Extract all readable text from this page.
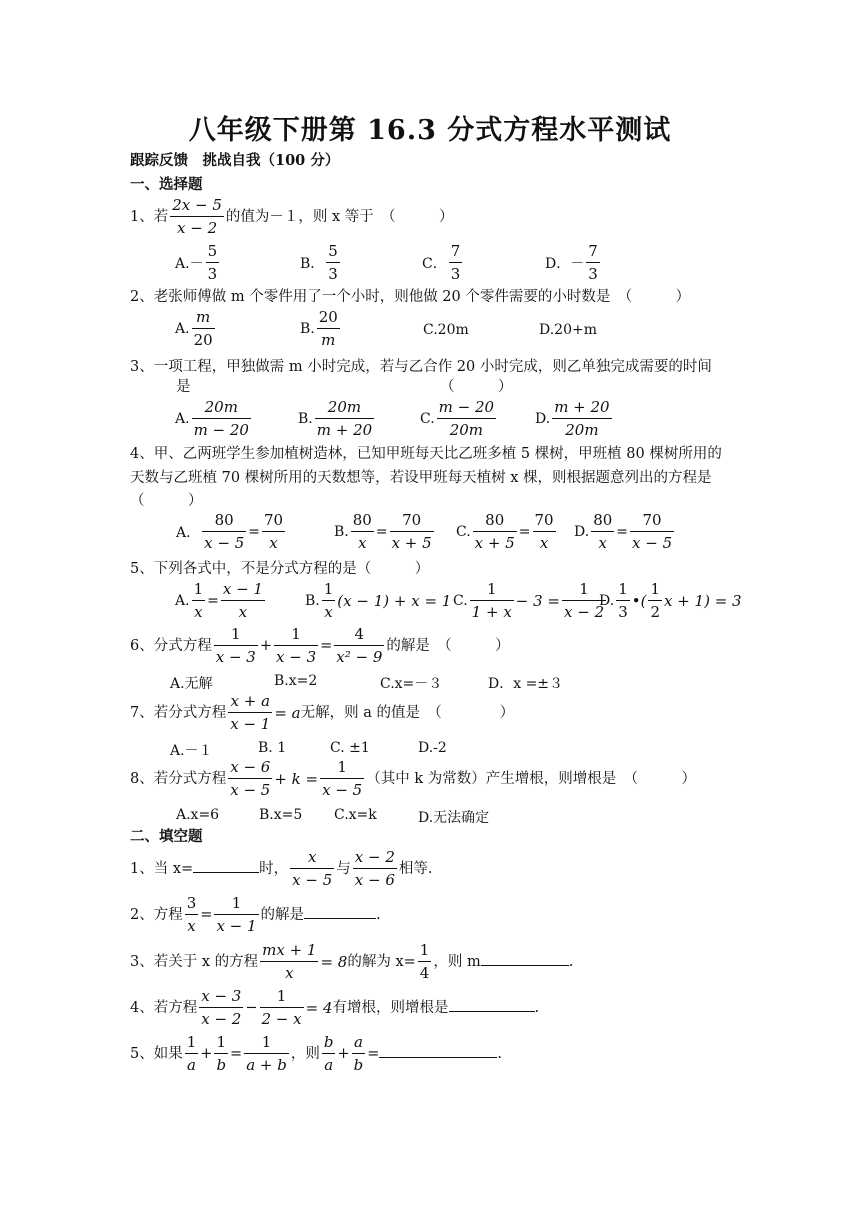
八年级下册第 16.3 分式方程水平测试
跟踪反馈　挑战自我（100 分）
一、选择题
1、若 $\frac{2x - 5}{x - 2}$ 的值为－１，则 x 等于　（　　　）
$A.- \frac{5}{3}$	B． $\frac{5}{3}$	C． $\frac{7}{3}$	D．－ $\frac{7}{3}$
2、老张师傅做 m 个零件用了一个小时，则他做 20 个零件需要的小时数是　（　　　）
A. $\frac{m}{20}$	B. $\frac{20}{m}$	C.20m	D.20+m
3、一项工程，甲独做需 m 小时完成，若与乙合作 20 小时完成，则乙单独完成需要的时间
是	（　　　）
A. $\frac{20m}{m - 20}$	B. $\frac{20m}{m + 20}$	C. $\frac{m - 20}{20m}$	D. $\frac{m + 20}{20m}$
4、甲、乙两班学生参加植树造林，已知甲班每天比乙班多植 5 棵树，甲班植 80 棵树所用的
天数与乙班植 70 棵树所用的天数想等，若设甲班每天植树 x 棵，则根据题意列出的方程是
（　　　）
A． $\frac{80}{x - 5} = \frac{70}{x}$	B. $\frac{80}{x} = \frac{70}{x + 5} C$. $\frac{80}{x + 5} = \frac{70}{x} D$. $\frac{80}{x} = \frac{70}{x - 5}$
5、下列各式中，不是分式方程的是（　　　）
A. $\frac{1}{x} = \frac{x - 1}{x}$	B. $\frac{1}{x} (x - 1) + x = 1$ C. $\frac{1}{1 + x} - 3 = \frac{1}{x - 2}$
D. $\frac{1}{3}$ •( $\frac{1}{2}$ x + 1) = 3
6、分式方程 $\frac{1}{x - 3} + \frac{1}{x - 3} = \frac{4}{\text{x² − 9}}$ 的解是　（　　　）
A.无解	B.x=2	C.x=－３	D．x =±３
7、若分式方程 $\frac{x + a}{x - 1} = a$无解，则 a 的值是　（　　　　）
A.－１	B. 1	C. ±1	D.-2
8、若分式方程 $\frac{x - 6}{x - 5} + k = \frac{1}{x - 5}$ （其中 k 为常数）产生增根，则增根是　（　　　）
A.x=6	B.x=5 C.x=k	D.无法确定
二、填空题
1、当 x=	时， $\frac{x}{x - 5}$ 与 $\frac{x - 2}{x - 6}$ 相等.
2、方程 $\frac{3}{x} = \frac{1}{x - 1}$ 的解是	.
3、若关于 x 的方程 $\frac{mx + 1}{x} = 8$的解为 $x= \frac{1}{4}$ ，则 m	.
4、若方程 $\frac{x - 3}{x - 2} - \frac{1}{2 - x} = 4$有增根，则增根是	.
5、如果 $\frac{1}{a} + \frac{1}{b} = \frac{1}{a + b}$ ，则 $\frac{b}{a} + \frac{a}{b}$ =	.
